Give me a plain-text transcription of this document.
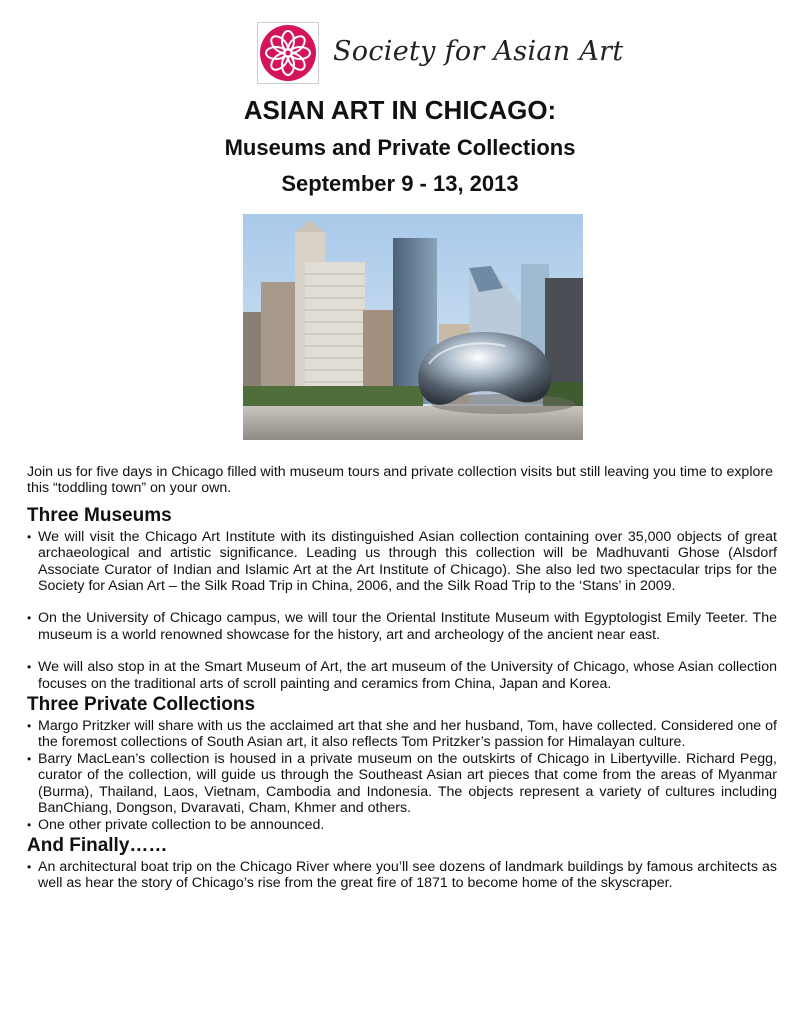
Society for Asian Art
ASIAN ART IN CHICAGO:
Museums and Private Collections
September 9 - 13, 2013

Join us for five days in Chicago filled with museum tours and private collection visits but still leaving you time to explore this “toddling town” on your own.

Three Museums
• We will visit the Chicago Art Institute with its distinguished Asian collection containing over 35,000 objects of great archaeological and artistic significance. Leading us through this collection will be Madhuvanti Ghose (Alsdorf Associate Curator of Indian and Islamic Art at the Art Institute of Chicago). She also led two spectacular trips for the Society for Asian Art – the Silk Road Trip in China, 2006, and the Silk Road Trip to the ‘Stans’ in 2009.
• On the University of Chicago campus, we will tour the Oriental Institute Museum with Egyptologist Emily Teeter. The museum is a world renowned showcase for the history, art and archeology of the ancient near east.
• We will also stop in at the Smart Museum of Art, the art museum of the University of Chicago, whose Asian collection focuses on the traditional arts of scroll painting and ceramics from China, Japan and Korea.
Three Private Collections
• Margo Pritzker will share with us the acclaimed art that she and her husband, Tom, have collected. Considered one of the foremost collections of South Asian art, it also reflects Tom Pritzker’s passion for Himalayan culture.
• Barry MacLean’s collection is housed in a private museum on the outskirts of Chicago in Libertyville. Richard Pegg, curator of the collection, will guide us through the Southeast Asian art pieces that come from the areas of Myanmar (Burma), Thailand, Laos, Vietnam, Cambodia and Indonesia. The objects represent a variety of cultures including BanChiang, Dongson, Dvaravati, Cham, Khmer and others.
• One other private collection to be announced.
And Finally……
• An architectural boat trip on the Chicago River where you’ll see dozens of landmark buildings by famous architects as well as hear the story of Chicago’s rise from the great fire of 1871 to become home of the skyscraper.
